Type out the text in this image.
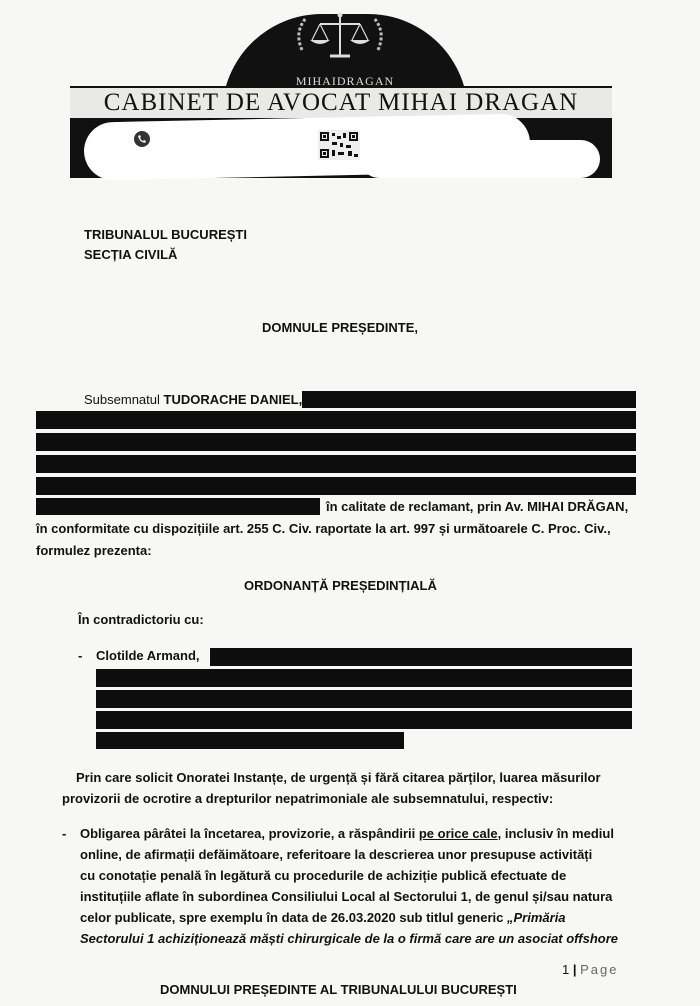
MIHAIDRAGAN
CABINET DE AVOCAT MIHAI DRAGAN
TRIBUNALUL BUCUREȘTI
SECȚIA CIVILĂ
DOMNULE PREȘEDINTE,
Subsemnatul TUDORACHE DANIEL,
în calitate de reclamant, prin Av. MIHAI DRĂGAN,
în conformitate cu dispozițiile art. 255 C. Civ. raportate la art. 997 și următoarele C. Proc. Civ.,
formulez prezenta:
ORDONANȚĂ PREȘEDINȚIALĂ
În contradictoriu cu:
- Clotilde Armand,
Prin care solicit Onoratei Instanțe, de urgență și fără citarea părților, luarea măsurilor
provizorii de ocrotire a drepturilor nepatrimoniale ale subsemnatului, respectiv:
- Obligarea pârâtei la încetarea, provizorie, a răspândirii pe orice cale, inclusiv în mediul
online, de afirmații defăimătoare, referitoare la descrierea unor presupuse activități
cu conotație penală în legătură cu procedurile de achiziție publică efectuate de
instituțiile aflate în subordinea Consiliului Local al Sectorului 1, de genul și/sau natura
celor publicate, spre exemplu în data de 26.03.2020 sub titlul generic „Primăria
Sectorului 1 achiziționează măști chirurgicale de la o firmă care are un asociat offshore
1 | Page
DOMNULUI PREȘEDINTE AL TRIBUNALULUI BUCUREȘTI
